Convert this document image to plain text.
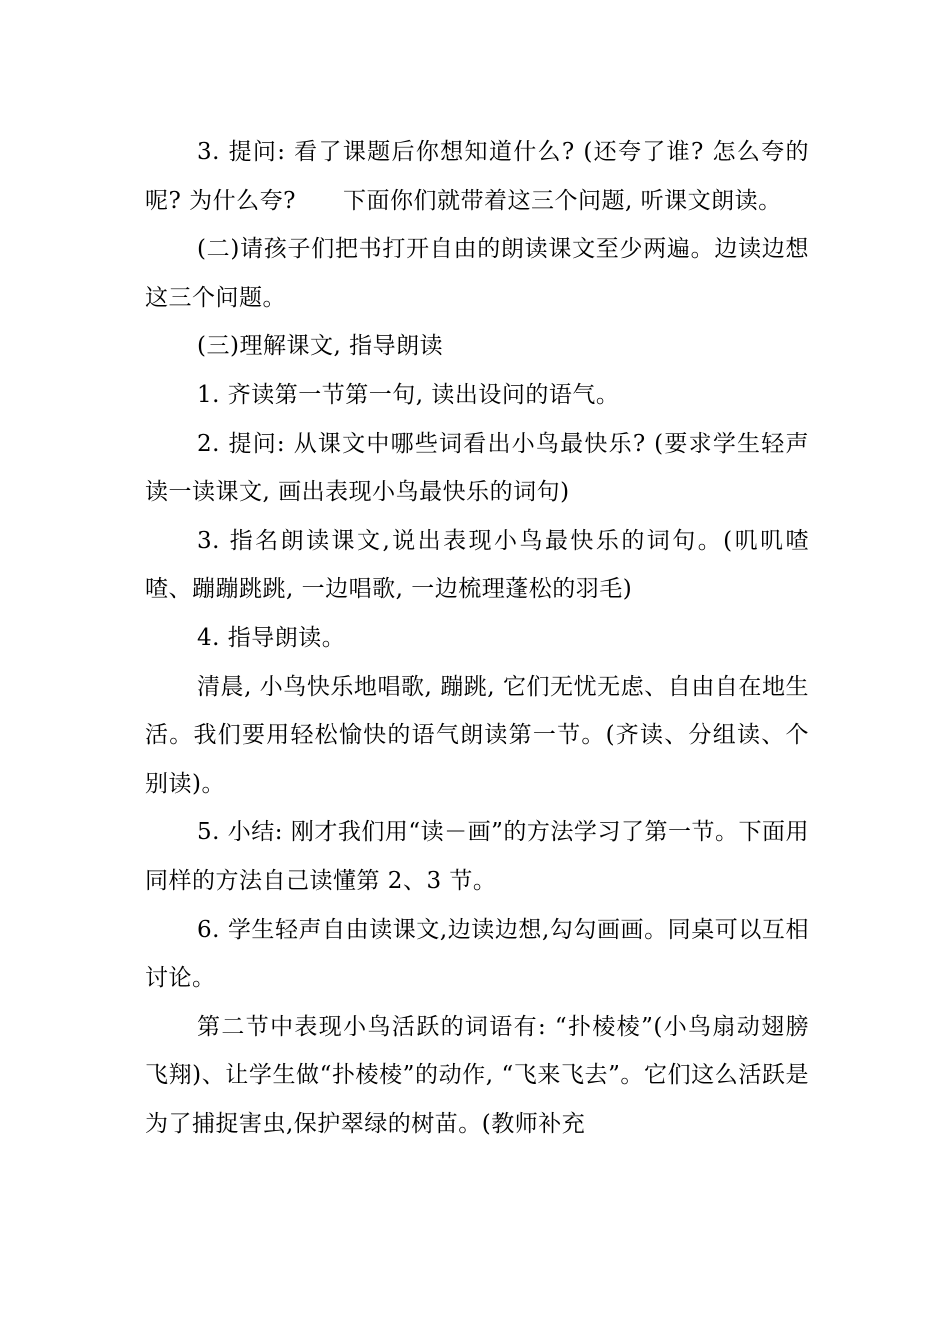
3. 提问: 看了课题后你想知道什么? (还夸了谁? 怎么夸的呢? 为什么夸?　　下面你们就带着这三个问题, 听课文朗读。

(二)请孩子们把书打开自由的朗读课文至少两遍。边读边想这三个问题。

(三)理解课文, 指导朗读

1. 齐读第一节第一句, 读出设问的语气。

2. 提问: 从课文中哪些词看出小鸟最快乐? (要求学生轻声读一读课文, 画出表现小鸟最快乐的词句)

3. 指名朗读课文,说出表现小鸟最快乐的词句。(叽叽喳喳、蹦蹦跳跳, 一边唱歌, 一边梳理蓬松的羽毛)

4. 指导朗读。

清晨, 小鸟快乐地唱歌, 蹦跳, 它们无忧无虑、自由自在地生活。我们要用轻松愉快的语气朗读第一节。(齐读、分组读、个别读)。

5. 小结: 刚才我们用“读－画”的方法学习了第一节。下面用同样的方法自己读懂第 2、3 节。

6. 学生轻声自由读课文,边读边想,勾勾画画。同桌可以互相讨论。

第二节中表现小鸟活跃的词语有: “扑棱棱”(小鸟扇动翅膀飞翔)、让学生做“扑棱棱”的动作, “飞来飞去”。它们这么活跃是为了捕捉害虫,保护翠绿的树苗。(教师补充
